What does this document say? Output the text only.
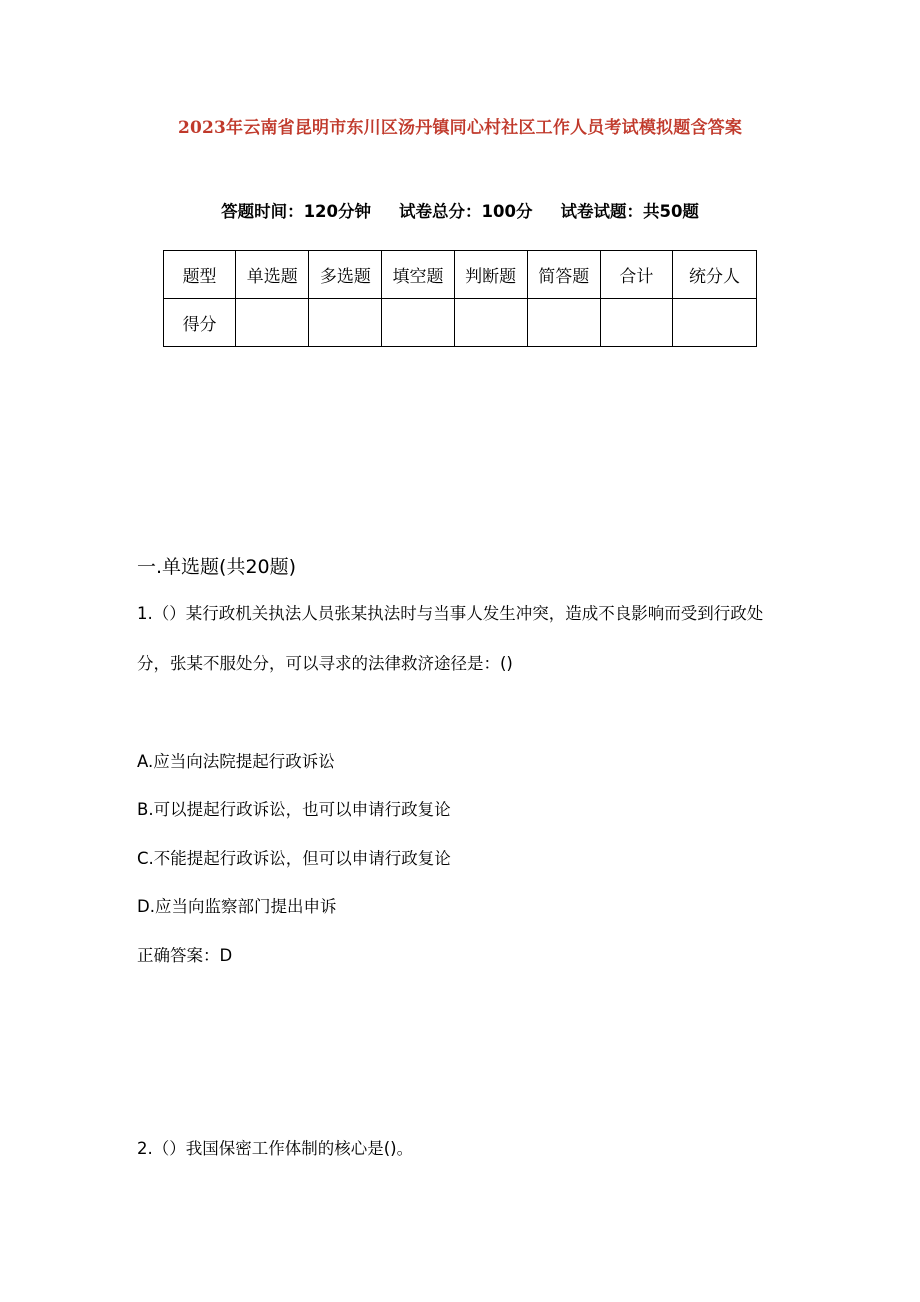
2023年云南省昆明市东川区汤丹镇同心村社区工作人员考试模拟题含答案
答题时间：120分钟 试卷总分：100分 试卷试题：共50题
题型	单选题	多选题	填空题	判断题	简答题	合计	统分人
得分							
一.单选题(共20题)
1.（）某行政机关执法人员张某执法时与当事人发生冲突，造成不良影响而受到行政处分，张某不服处分，可以寻求的法律救济途径是：()
A.应当向法院提起行政诉讼
B.可以提起行政诉讼，也可以申请行政复论
C.不能提起行政诉讼，但可以申请行政复论
D.应当向监察部门提出申诉
正确答案：D
2.（）我国保密工作体制的核心是()。
